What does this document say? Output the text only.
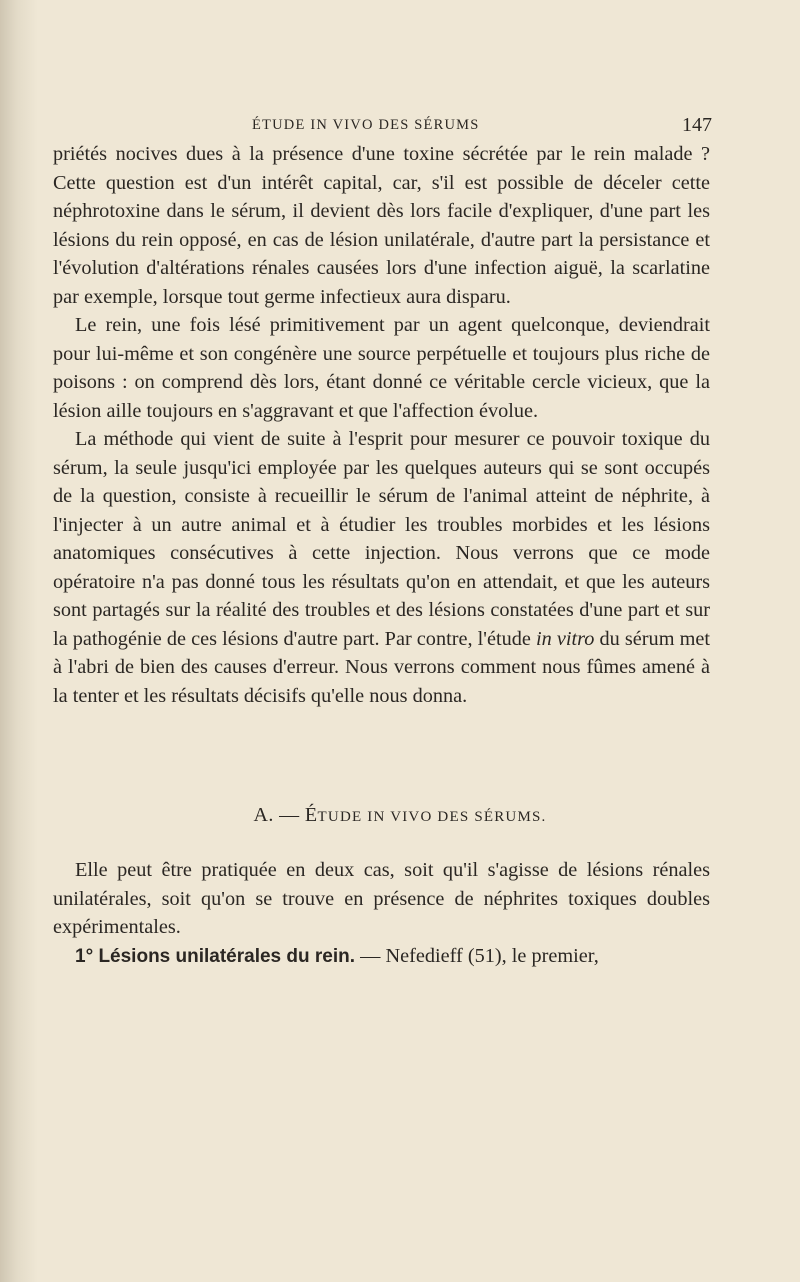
ÉTUDE IN VIVO DES SÉRUMS	147

priétés nocives dues à la présence d'une toxine sécrétée par le rein malade ? Cette question est d'un intérêt capital, car, s'il est possible de déceler cette néphrotoxine dans le sérum, il devient dès lors facile d'expliquer, d'une part les lésions du rein opposé, en cas de lésion unilatérale, d'autre part la persistance et l'évolution d'altérations rénales causées lors d'une infection aiguë, la scarlatine par exemple, lorsque tout germe infectieux aura disparu.

Le rein, une fois lésé primitivement par un agent quelconque, deviendrait pour lui-même et son congénère une source perpétuelle et toujours plus riche de poisons : on comprend dès lors, étant donné ce véritable cercle vicieux, que la lésion aille toujours en s'aggravant et que l'affection évolue.

La méthode qui vient de suite à l'esprit pour mesurer ce pouvoir toxique du sérum, la seule jusqu'ici employée par les quelques auteurs qui se sont occupés de la question, consiste à recueillir le sérum de l'animal atteint de néphrite, à l'injecter à un autre animal et à étudier les troubles morbides et les lésions anatomiques consécutives à cette injection. Nous verrons que ce mode opératoire n'a pas donné tous les résultats qu'on en attendait, et que les auteurs sont partagés sur la réalité des troubles et des lésions constatées d'une part et sur la pathogénie de ces lésions d'autre part. Par contre, l'étude in vitro du sérum met à l'abri de bien des causes d'erreur. Nous verrons comment nous fûmes amené à la tenter et les résultats décisifs qu'elle nous donna.

A. — ÉTUDE IN VIVO DES SÉRUMS.

Elle peut être pratiquée en deux cas, soit qu'il s'agisse de lésions rénales unilatérales, soit qu'on se trouve en présence de néphrites toxiques doubles expérimentales.

1° Lésions unilatérales du rein. — Nefedieff (51), le premier,
